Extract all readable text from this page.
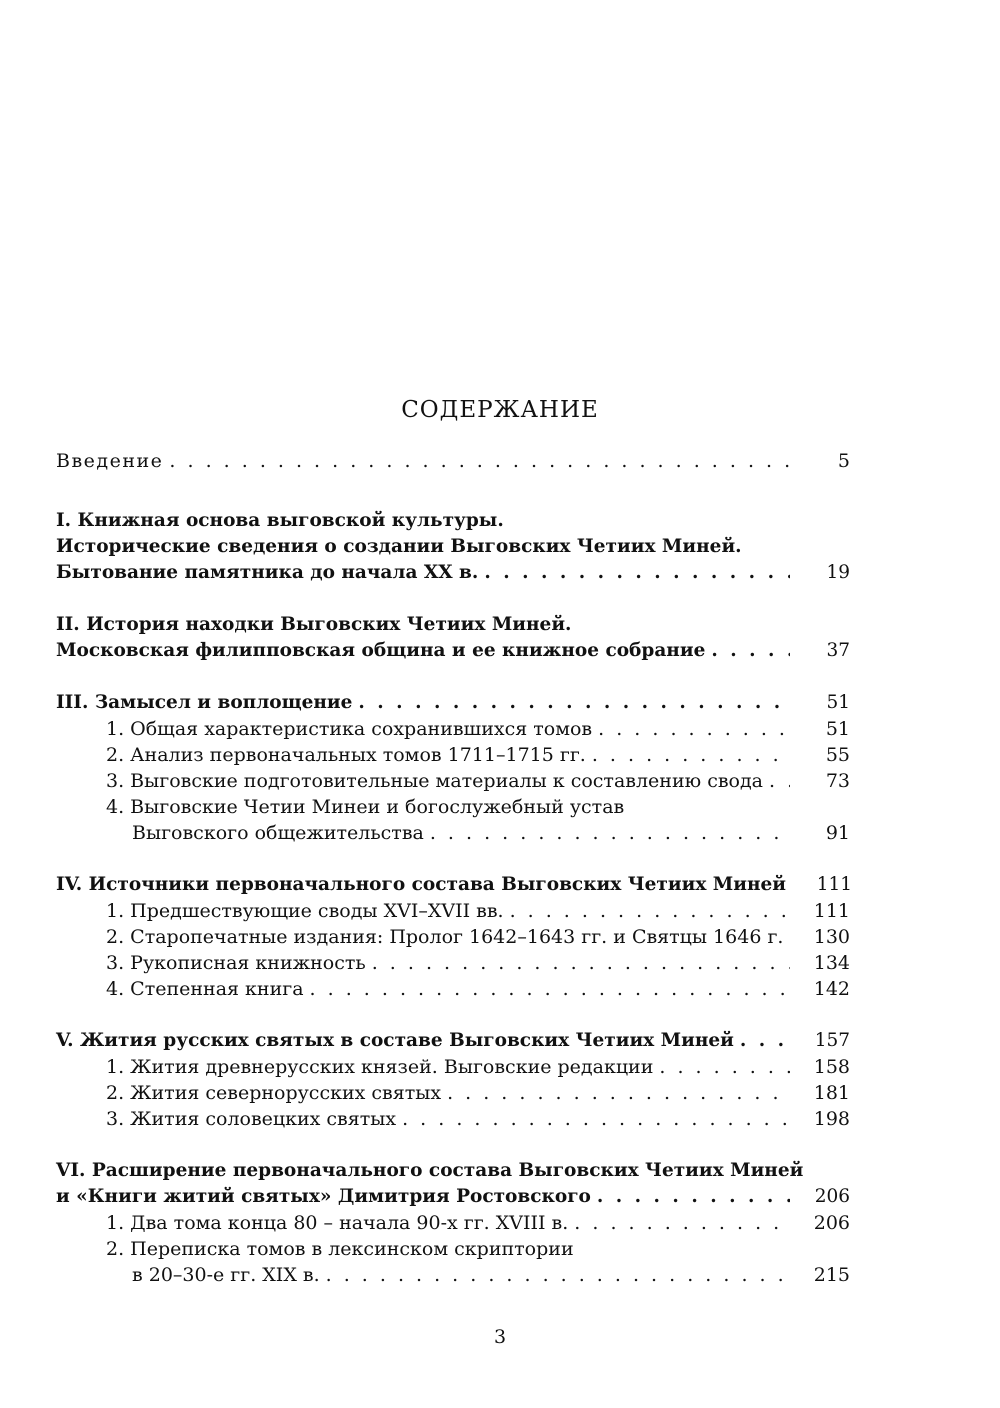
СОДЕРЖАНИЕ
Введение . . .	5
I. Книжная основа выговской культуры.
Исторические сведения о создании Выговских Четиих Миней.
Бытование памятника до начала XX в. . . .	19
II. История находки Выговских Четиих Миней.
Московская филипповская община и ее книжное собрание . . .	37
III. Замысел и воплощение . . .	51
1. Общая характеристика сохранившихся томов . . .	51
2. Анализ первоначальных томов 1711–1715 гг. . . .	55
3. Выговские подготовительные материалы к составлению свода . . .	73
4. Выговские Четии Минеи и богослужебный устав
Выговского общежительства . . .	91
IV. Источники первоначального состава Выговских Четиих Миней	111
1. Предшествующие своды XVI–XVII вв. . . .	111
2. Старопечатные издания: Пролог 1642–1643 гг. и Святцы 1646 г. . . .	130
3. Рукописная книжность . . .	134
4. Степенная книга . . .	142
V. Жития русских святых в составе Выговских Четиих Миней . . .	157
1. Жития древнерусских князей. Выговские редакции . . .	158
2. Жития севернорусских святых . . .	181
3. Жития соловецких святых . . .	198
VI. Расширение первоначального состава Выговских Четиих Миней
и «Книги житий святых» Димитрия Ростовского . . .	206
1. Два тома конца 80 – начала 90-х гг. XVIII в. . . .	206
2. Переписка томов в лексинском скриптории
в 20–30-е гг. XIX в. . . .	215
3
